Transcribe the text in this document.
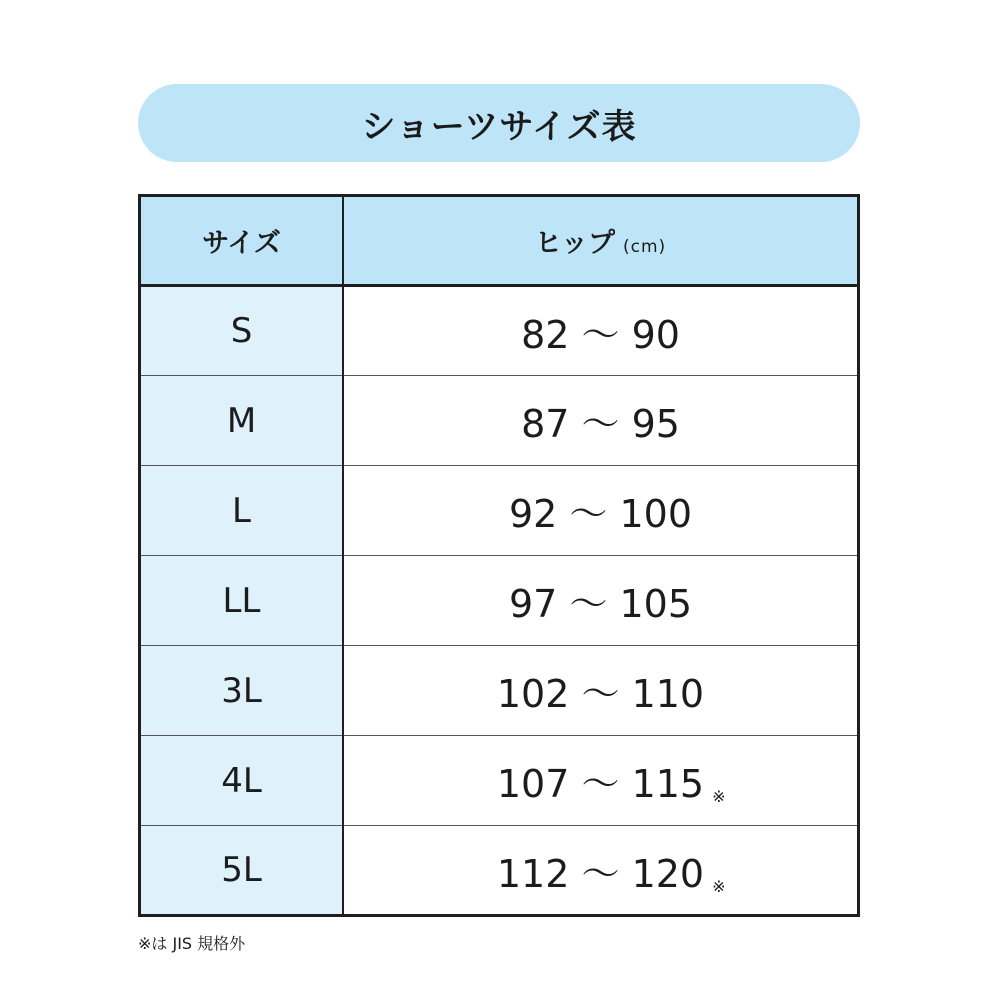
ショーツサイズ表
サイズ	ヒップ (cm)
S	82 〜 90

M	87 〜 95

L	92 〜 100

LL	97 〜 105

3L	102 〜 110

4L	107 〜 115 ※

5L	112 〜 120 ※
※は JIS 規格外
